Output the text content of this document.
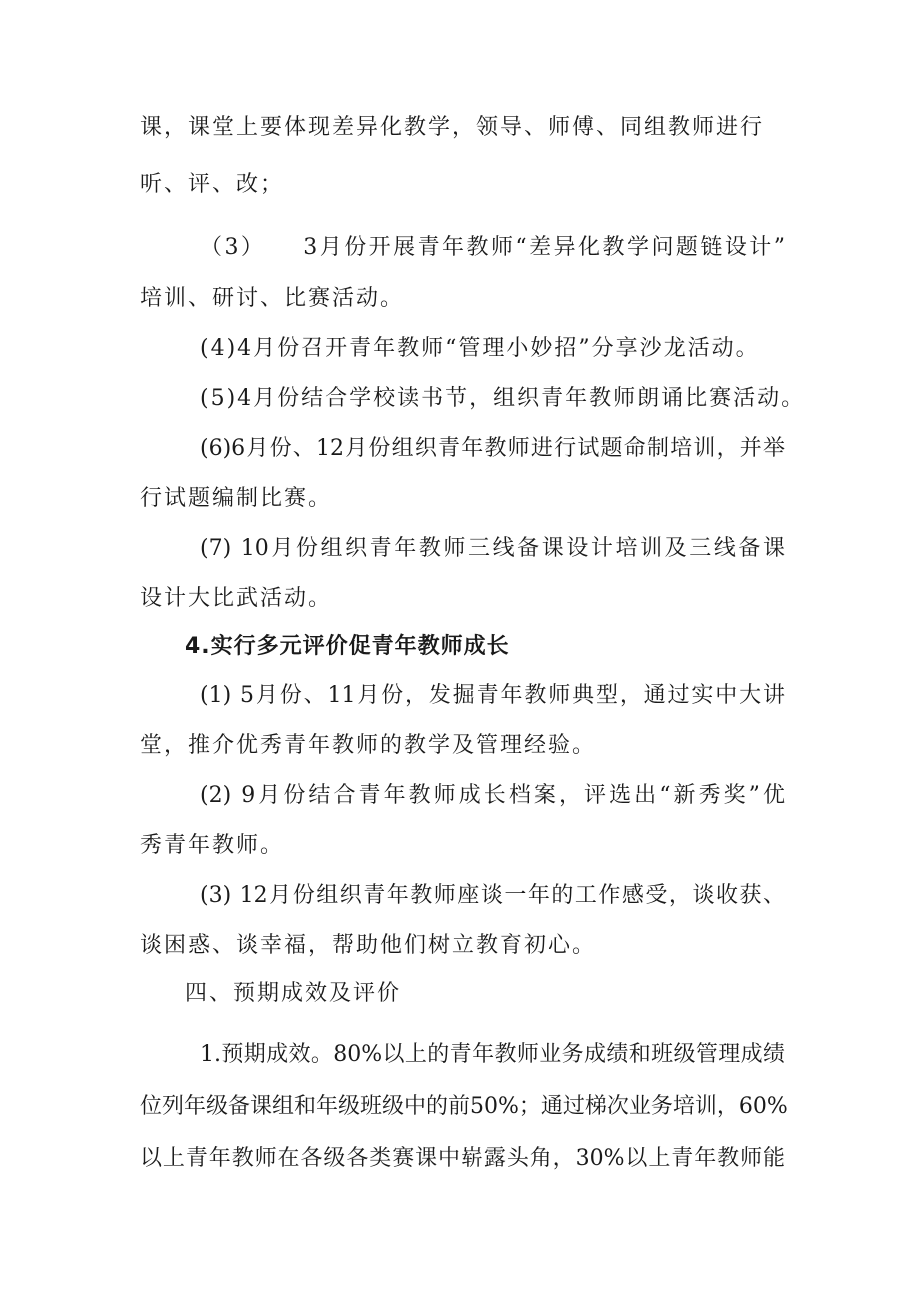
课，课堂上要体现差异化教学，领导、师傅、同组教师进行
听、评、改；
（3）　　3月份开展青年教师“差异化教学问题链设计”
培训、研讨、比赛活动。
(4)4月份召开青年教师“管理小妙招”分享沙龙活动。
(5)4月份结合学校读书节，组织青年教师朗诵比赛活动。
(6)6月份、12月份组织青年教师进行试题命制培训，并举
行试题编制比赛。
(7) 10月份组织青年教师三线备课设计培训及三线备课
设计大比武活动。
4.实行多元评价促青年教师成长
(1) 5月份、11月份，发掘青年教师典型，通过实中大讲
堂，推介优秀青年教师的教学及管理经验。
(2) 9月份结合青年教师成长档案，评选出“新秀奖”优
秀青年教师。
(3) 12月份组织青年教师座谈一年的工作感受，谈收获、
谈困惑、谈幸福，帮助他们树立教育初心。
四、预期成效及评价
1.预期成效。80%以上的青年教师业务成绩和班级管理成绩
位列年级备课组和年级班级中的前50%；通过梯次业务培训，60%
以上青年教师在各级各类赛课中崭露头角，30%以上青年教师能
